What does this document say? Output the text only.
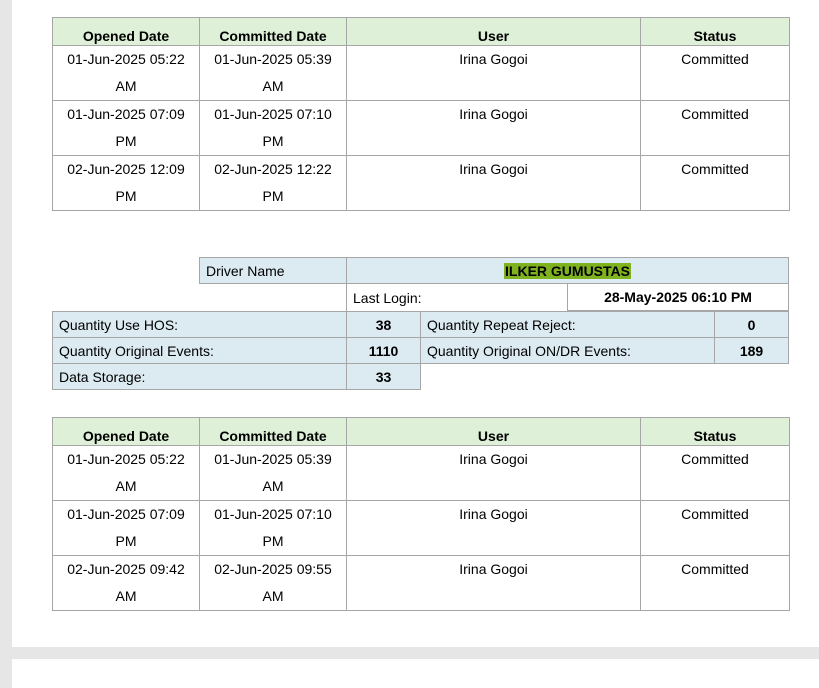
Opened Date	Committed Date	User	Status
01-Jun-2025 05:22 AM	01-Jun-2025 05:39 AM	Irina Gogoi	Committed
01-Jun-2025 07:09 PM	01-Jun-2025 07:10 PM	Irina Gogoi	Committed
02-Jun-2025 12:09 PM	02-Jun-2025 12:22 PM	Irina Gogoi	Committed
Driver Name	ILKER GUMUSTAS
Last Login:	28-May-2025 06:10 PM
Quantity Use HOS:	38	Quantity Repeat Reject:	0
Quantity Original Events:	1110	Quantity Original ON/DR Events:	189
Data Storage:	33
Opened Date	Committed Date	User	Status
01-Jun-2025 05:22 AM	01-Jun-2025 05:39 AM	Irina Gogoi	Committed
01-Jun-2025 07:09 PM	01-Jun-2025 07:10 PM	Irina Gogoi	Committed
02-Jun-2025 09:42 AM	02-Jun-2025 09:55 AM	Irina Gogoi	Committed
